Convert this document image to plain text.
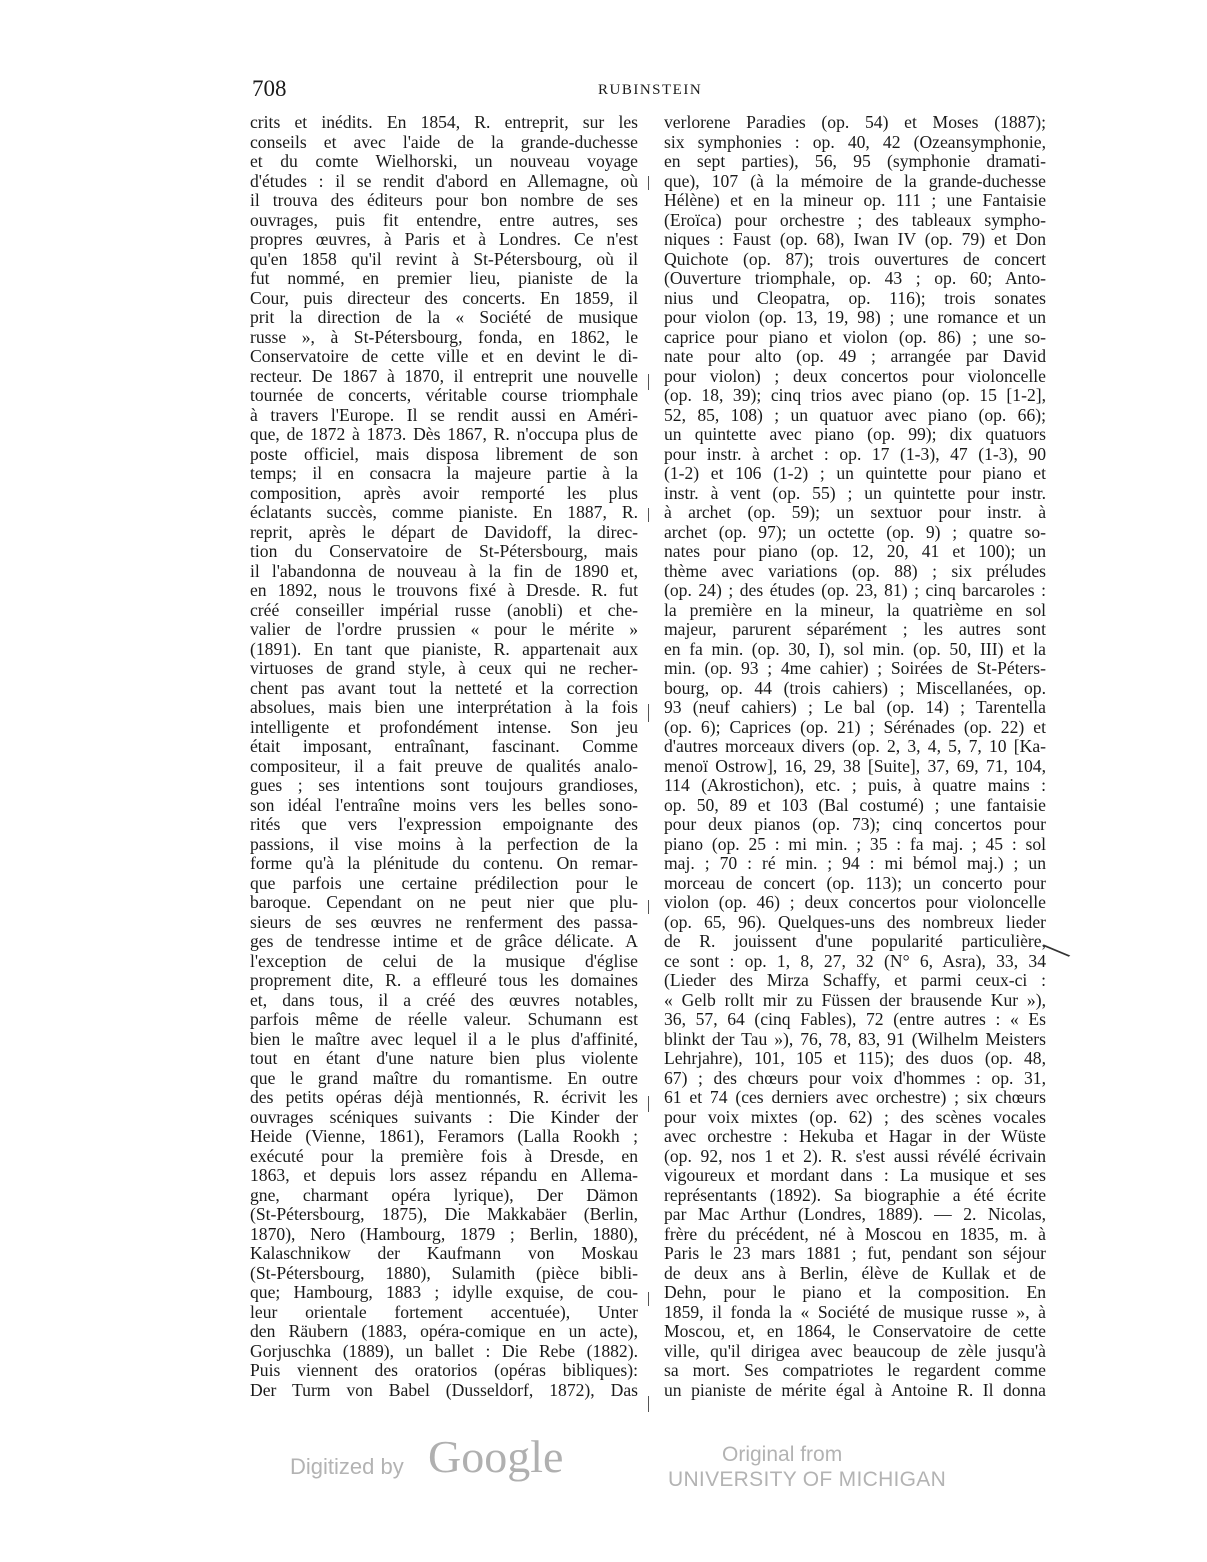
708	RUBINSTEIN
crits et inédits. En 1854, R. entreprit, sur les
conseils et avec l'aide de la grande-duchesse
et du comte Wielhorski, un nouveau voyage
d'études : il se rendit d'abord en Allemagne, où
il trouva des éditeurs pour bon nombre de ses
ouvrages, puis fit entendre, entre autres, ses
propres œuvres, à Paris et à Londres. Ce n'est
qu'en 1858 qu'il revint à St-Pétersbourg, où il
fut nommé, en premier lieu, pianiste de la
Cour, puis directeur des concerts. En 1859, il
prit la direction de la « Société de musique
russe », à St-Pétersbourg, fonda, en 1862, le
Conservatoire de cette ville et en devint le di-
recteur. De 1867 à 1870, il entreprit une nouvelle
tournée de concerts, véritable course triomphale
à travers l'Europe. Il se rendit aussi en Améri-
que, de 1872 à 1873. Dès 1867, R. n'occupa plus de
poste officiel, mais disposa librement de son
temps; il en consacra la majeure partie à la
composition, après avoir remporté les plus
éclatants succès, comme pianiste. En 1887, R.
reprit, après le départ de Davidoff, la direc-
tion du Conservatoire de St-Pétersbourg, mais
il l'abandonna de nouveau à la fin de 1890 et,
en 1892, nous le trouvons fixé à Dresde. R. fut
créé conseiller impérial russe (anobli) et che-
valier de l'ordre prussien « pour le mérite »
(1891). En tant que pianiste, R. appartenait aux
virtuoses de grand style, à ceux qui ne recher-
chent pas avant tout la netteté et la correction
absolues, mais bien une interprétation à la fois
intelligente et profondément intense. Son jeu
était imposant, entraînant, fascinant. Comme
compositeur, il a fait preuve de qualités analo-
gues ; ses intentions sont toujours grandioses,
son idéal l'entraîne moins vers les belles sono-
rités que vers l'expression empoignante des
passions, il vise moins à la perfection de la
forme qu'à la plénitude du contenu. On remar-
que parfois une certaine prédilection pour le
baroque. Cependant on ne peut nier que plu-
sieurs de ses œuvres ne renferment des passa-
ges de tendresse intime et de grâce délicate. A
l'exception de celui de la musique d'église
proprement dite, R. a effleuré tous les domaines
et, dans tous, il a créé des œuvres notables,
parfois même de réelle valeur. Schumann est
bien le maître avec lequel il a le plus d'affinité,
tout en étant d'une nature bien plus violente
que le grand maître du romantisme. En outre
des petits opéras déjà mentionnés, R. écrivit les
ouvrages scéniques suivants : Die Kinder der
Heide (Vienne, 1861), Feramors (Lalla Rookh ;
exécuté pour la première fois à Dresde, en
1863, et depuis lors assez répandu en Allema-
gne, charmant opéra lyrique), Der Dämon
(St-Pétersbourg, 1875), Die Makkabäer (Berlin,
1870), Nero (Hambourg, 1879 ; Berlin, 1880),
Kalaschnikow der Kaufmann von Moskau
(St-Pétersbourg, 1880), Sulamith (pièce bibli-
que; Hambourg, 1883 ; idylle exquise, de cou-
leur orientale fortement accentuée), Unter
den Räubern (1883, opéra-comique en un acte),
Gorjuschka (1889), un ballet : Die Rebe (1882).
Puis viennent des oratorios (opéras bibliques):
Der Turm von Babel (Dusseldorf, 1872), Das
verlorene Paradies (op. 54) et Moses (1887);
six symphonies : op. 40, 42 (Ozeansymphonie,
en sept parties), 56, 95 (symphonie dramati-
que), 107 (à la mémoire de la grande-duchesse
Hélène) et en la mineur op. 111 ; une Fantaisie
(Eroïca) pour orchestre ; des tableaux sympho-
niques : Faust (op. 68), Iwan IV (op. 79) et Don
Quichote (op. 87); trois ouvertures de concert
(Ouverture triomphale, op. 43 ; op. 60; Anto-
nius und Cleopatra, op. 116); trois sonates
pour violon (op. 13, 19, 98) ; une romance et un
caprice pour piano et violon (op. 86) ; une so-
nate pour alto (op. 49 ; arrangée par David
pour violon) ; deux concertos pour violoncelle
(op. 18, 39); cinq trios avec piano (op. 15 [1-2],
52, 85, 108) ; un quatuor avec piano (op. 66);
un quintette avec piano (op. 99); dix quatuors
pour instr. à archet : op. 17 (1-3), 47 (1-3), 90
(1-2) et 106 (1-2) ; un quintette pour piano et
instr. à vent (op. 55) ; un quintette pour instr.
à archet (op. 59); un sextuor pour instr. à
archet (op. 97); un octette (op. 9) ; quatre so-
nates pour piano (op. 12, 20, 41 et 100); un
thème avec variations (op. 88) ; six préludes
(op. 24) ; des études (op. 23, 81) ; cinq barcaroles :
la première en la mineur, la quatrième en sol
majeur, parurent séparément ; les autres sont
en fa min. (op. 30, I), sol min. (op. 50, III) et la
min. (op. 93 ; 4me cahier) ; Soirées de St-Péters-
bourg, op. 44 (trois cahiers) ; Miscellanées, op.
93 (neuf cahiers) ; Le bal (op. 14) ; Tarentella
(op. 6); Caprices (op. 21) ; Sérénades (op. 22) et
d'autres morceaux divers (op. 2, 3, 4, 5, 7, 10 [Ka-
menoï Ostrow], 16, 29, 38 [Suite], 37, 69, 71, 104,
114 (Akrostichon), etc. ; puis, à quatre mains :
op. 50, 89 et 103 (Bal costumé) ; une fantaisie
pour deux pianos (op. 73); cinq concertos pour
piano (op. 25 : mi min. ; 35 : fa maj. ; 45 : sol
maj. ; 70 : ré min. ; 94 : mi bémol maj.) ; un
morceau de concert (op. 113); un concerto pour
violon (op. 46) ; deux concertos pour violoncelle
(op. 65, 96). Quelques-uns des nombreux lieder
de R. jouissent d'une popularité particulière,
ce sont : op. 1, 8, 27, 32 (N° 6, Asra), 33, 34
(Lieder des Mirza Schaffy, et parmi ceux-ci :
« Gelb rollt mir zu Füssen der brausende Kur »),
36, 57, 64 (cinq Fables), 72 (entre autres : « Es
blinkt der Tau »), 76, 78, 83, 91 (Wilhelm Meisters
Lehrjahre), 101, 105 et 115); des duos (op. 48,
67) ; des chœurs pour voix d'hommes : op. 31,
61 et 74 (ces derniers avec orchestre) ; six chœurs
pour voix mixtes (op. 62) ; des scènes vocales
avec orchestre : Hekuba et Hagar in der Wüste
(op. 92, nos 1 et 2). R. s'est aussi révélé écrivain
vigoureux et mordant dans : La musique et ses
représentants (1892). Sa biographie a été écrite
par Mac Arthur (Londres, 1889). — 2. Nicolas,
frère du précédent, né à Moscou en 1835, m. à
Paris le 23 mars 1881 ; fut, pendant son séjour
de deux ans à Berlin, élève de Kullak et de
Dehn, pour le piano et la composition. En
1859, il fonda la « Société de musique russe », à
Moscou, et, en 1864, le Conservatoire de cette
ville, qu'il dirigea avec beaucoup de zèle jusqu'à
sa mort. Ses compatriotes le regardent comme
un pianiste de mérite égal à Antoine R. Il donna
╲
Digitized by Google	Original from
UNIVERSITY OF MICHIGAN
